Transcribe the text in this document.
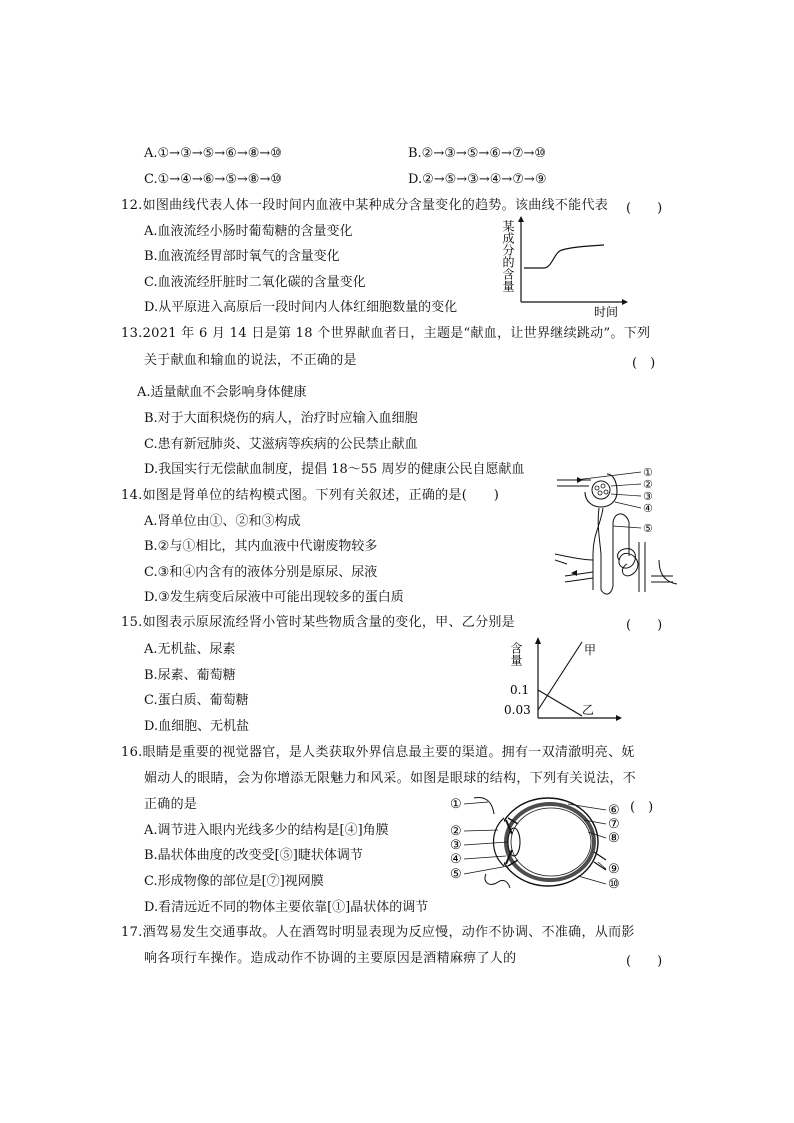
A.①→③→⑤→⑥→⑧→⑩	B.②→③→⑤→⑥→⑦→⑩
C.①→④→⑥→⑤→⑧→⑩	D.②→⑤→③→④→⑦→⑨
12.如图曲线代表人体一段时间内血液中某种成分含量变化的趋势。该曲线不能代表 (　　)
A.血液流经小肠时葡萄糖的含量变化
B.血液流经胃部时氧气的含量变化
C.血液流经肝脏时二氧化碳的含量变化
D.从平原进入高原后一段时间内人体红细胞数量的变化
某成分的含量
时间
13.2021 年 6 月 14 日是第 18 个世界献血者日，主题是“献血，让世界继续跳动”。下列
关于献血和输血的说法，不正确的是	(　)
A.适量献血不会影响身体健康
B.对于大面积烧伤的病人，治疗时应输入血细胞
C.患有新冠肺炎、艾滋病等疾病的公民禁止献血
D.我国实行无偿献血制度，提倡 18～55 周岁的健康公民自愿献血
14.如图是肾单位的结构模式图。下列有关叙述，正确的是(　　)
A.肾单位由①、②和③构成
B.②与①相比，其内血液中代谢废物较多
C.③和④内含有的液体分别是原尿、尿液
D.③发生病变后尿液中可能出现较多的蛋白质
①
②
③
④
⑤
15.如图表示原尿流经肾小管时某些物质含量的变化，甲、乙分别是	(　　)
A.无机盐、尿素
B.尿素、葡萄糖
C.蛋白质、葡萄糖
D.血细胞、无机盐
含量
0.1
0.03
甲
乙
16.眼睛是重要的视觉器官，是人类获取外界信息最主要的渠道。拥有一双清澈明亮、妩
媚动人的眼睛，会为你增添无限魅力和风采。如图是眼球的结构，下列有关说法，不
正确的是	(　)
A.调节进入眼内光线多少的结构是[④]角膜
B.晶状体曲度的改变受[⑤]睫状体调节
C.形成物像的部位是[⑦]视网膜
D.看清远近不同的物体主要依靠[①]晶状体的调节
①
②
③
④
⑤
⑥
⑦
⑧
⑨
⑩
17.酒驾易发生交通事故。人在酒驾时明显表现为反应慢，动作不协调、不准确，从而影
响各项行车操作。造成动作不协调的主要原因是酒精麻痹了人的	(　　)
